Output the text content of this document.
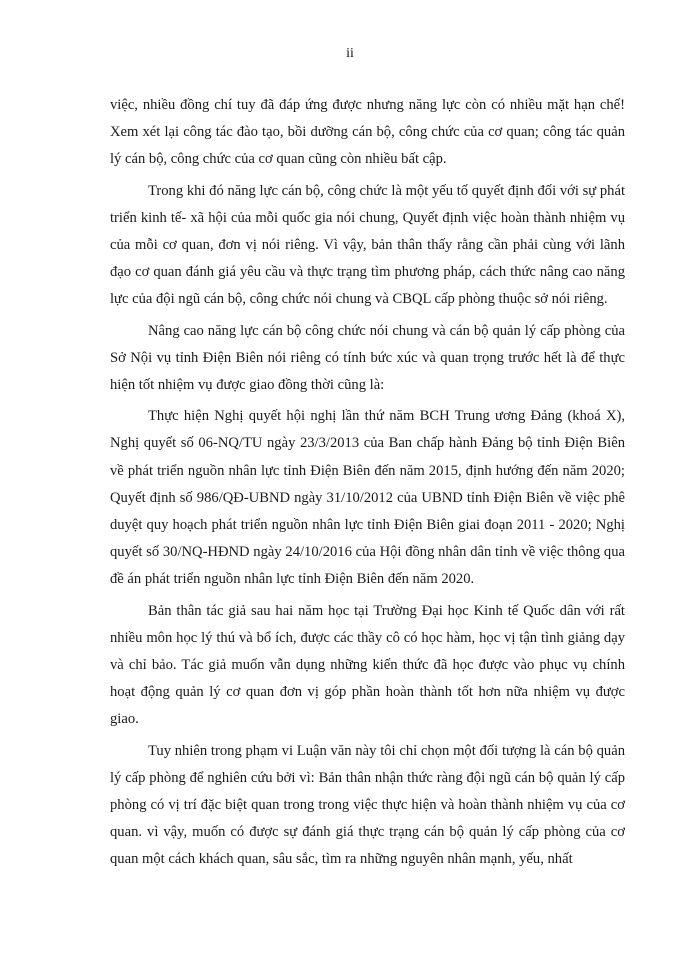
ii

việc, nhiều đồng chí tuy đã đáp ứng được nhưng năng lực còn có nhiều mặt hạn chế! Xem xét lại công tác đào tạo, bồi dưỡng cán bộ, công chức của cơ quan; công tác quản lý cán bộ, công chức của cơ quan cũng còn nhiều bất cập.

Trong khi đó năng lực cán bộ, công chức là một yếu tố quyết định đối với sự phát triển kinh tế- xã hội của mỗi quốc gia nói chung, Quyết định việc hoàn thành nhiệm vụ của mỗi cơ quan, đơn vị nói riêng. Vì vậy, bản thân thấy rằng cần phải cùng với lãnh đạo cơ quan đánh giá yêu cầu và thực trạng tìm phương pháp, cách thức nâng cao năng lực của đội ngũ cán bộ, công chức nói chung và CBQL cấp phòng thuộc sở nói riêng.

Nâng cao năng lực cán bộ công chức nói chung và cán bộ quản lý cấp phòng của Sở Nội vụ tỉnh Điện Biên nói riêng có tính bức xúc và quan trọng trước hết là để thực hiện tốt nhiệm vụ được giao đồng thời cũng là:

Thực hiện Nghị quyết hội nghị lần thứ năm BCH Trung ương Đảng (khoá X), Nghị quyết số 06-NQ/TU ngày 23/3/2013 của Ban chấp hành Đảng bộ tỉnh Điện Biên về phát triển nguồn nhân lực tỉnh Điện Biên đến năm 2015, định hướng đến năm 2020; Quyết định số 986/QĐ-UBND ngày 31/10/2012 của UBND tỉnh Điện Biên về việc phê duyệt quy hoạch phát triển nguồn nhân lực tỉnh Điện Biên giai đoạn 2011 - 2020; Nghị quyết số 30/NQ-HĐND ngày 24/10/2016 của Hội đồng nhân dân tỉnh về việc thông qua đề án phát triển nguồn nhân lực tỉnh Điện Biên đến năm 2020.

Bản thân tác giả sau hai năm học tại Trường Đại học Kinh tế Quốc dân với rất nhiều môn học lý thú và bổ ích, được các thầy cô có học hàm, học vị tận tình giảng dạy và chỉ bảo. Tác giả muốn vẫn dụng những kiến thức đã học được vào phục vụ chính hoạt động quản lý cơ quan đơn vị góp phần hoàn thành tốt hơn nữa nhiệm vụ được giao.

Tuy nhiên trong phạm vi Luận văn này tôi chỉ chọn một đối tượng là cán bộ quản lý cấp phòng để nghiên cứu bởi vì: Bản thân nhận thức ràng đội ngũ cán bộ quản lý cấp phòng có vị trí đặc biệt quan trong trong việc thực hiện và hoàn thành nhiệm vụ của cơ quan. vì vậy, muốn có được sự đánh giá thực trạng cán bộ quản lý cấp phòng của cơ quan một cách khách quan, sâu sắc, tìm ra những nguyên nhân mạnh, yếu, nhất
